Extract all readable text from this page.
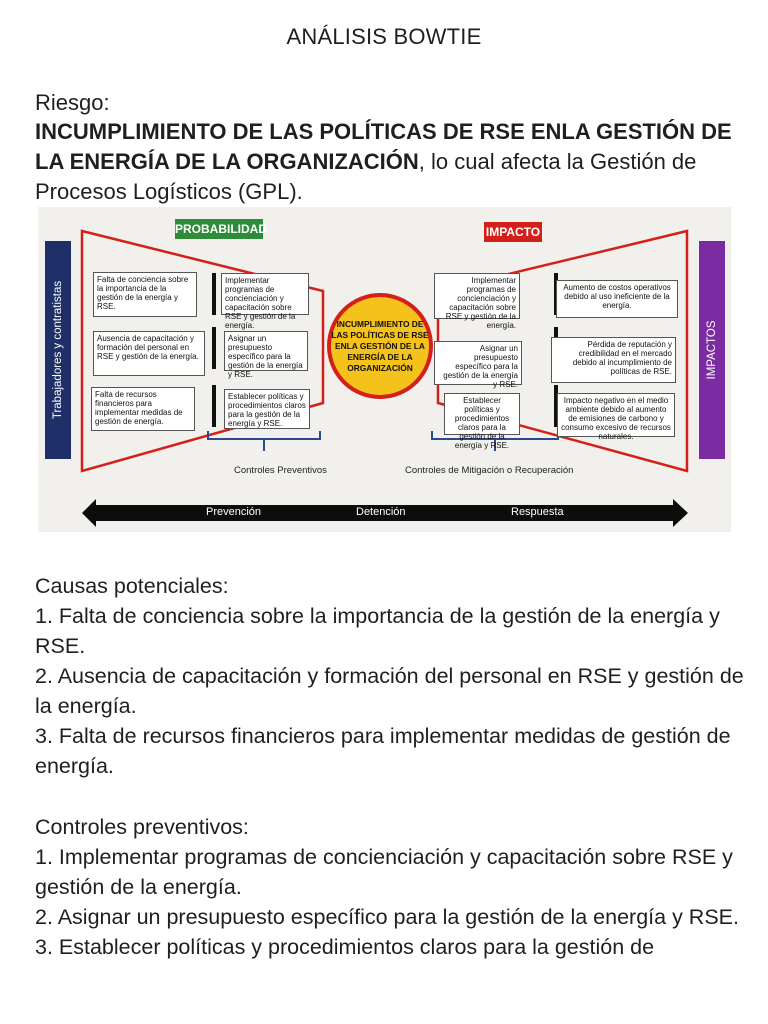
ANÁLISIS BOWTIE
Riesgo:
INCUMPLIMIENTO DE LAS POLÍTICAS DE RSE ENLA GESTIÓN DE LA ENERGÍA DE LA ORGANIZACIÓN, lo cual afecta la Gestión de Procesos Logísticos (GPL).
Trabajadores y contratistas	IMPACTOS
PROBABILIDAD	IMPACTO
Falta de conciencia sobre la importancia de la gestión de la energía y RSE.
Ausencia de capacitación y formación del personal en RSE y gestión de la energía.
Falta de recursos financieros para implementar medidas de gestión de energía.
Implementar programas de concienciación y capacitación sobre RSE y gestión de la energía.
Asignar un presupuesto específico para la gestión de la energía y RSE.
Establecer políticas y procedimientos claros para la gestión de la energía y RSE.
Implementar programas de concienciación y capacitación sobre RSE y gestión de la energía.
Asignar un presupuesto específico para la gestión de la energía y RSE.
Establecer políticas y procedimientos claros para la gestión de la energía y RSE.
Aumento de costos operativos debido al uso ineficiente de la energía.
Pérdida de reputación y credibilidad en el mercado debido al incumplimiento de políticas de RSE.
Impacto negativo en el medio ambiente debido al aumento de emisiones de carbono y consumo excesivo de recursos naturales.
INCUMPLIMIENTO DE LAS POLÍTICAS DE RSE ENLA GESTIÓN DE LA ENERGÍA DE LA ORGANIZACIÓN
Controles Preventivos	Controles de Mitigación o Recuperación
Prevención	Detención	Respuesta
Causas potenciales:
1. Falta de conciencia sobre la importancia de la gestión de la energía y RSE.
2. Ausencia de capacitación y formación del personal en RSE y gestión de la energía.
3. Falta de recursos financieros para implementar medidas de gestión de energía.
Controles preventivos:
1. Implementar programas de concienciación y capacitación sobre RSE y gestión de la energía.
2. Asignar un presupuesto específico para la gestión de la energía y RSE.
3. Establecer políticas y procedimientos claros para la gestión de
